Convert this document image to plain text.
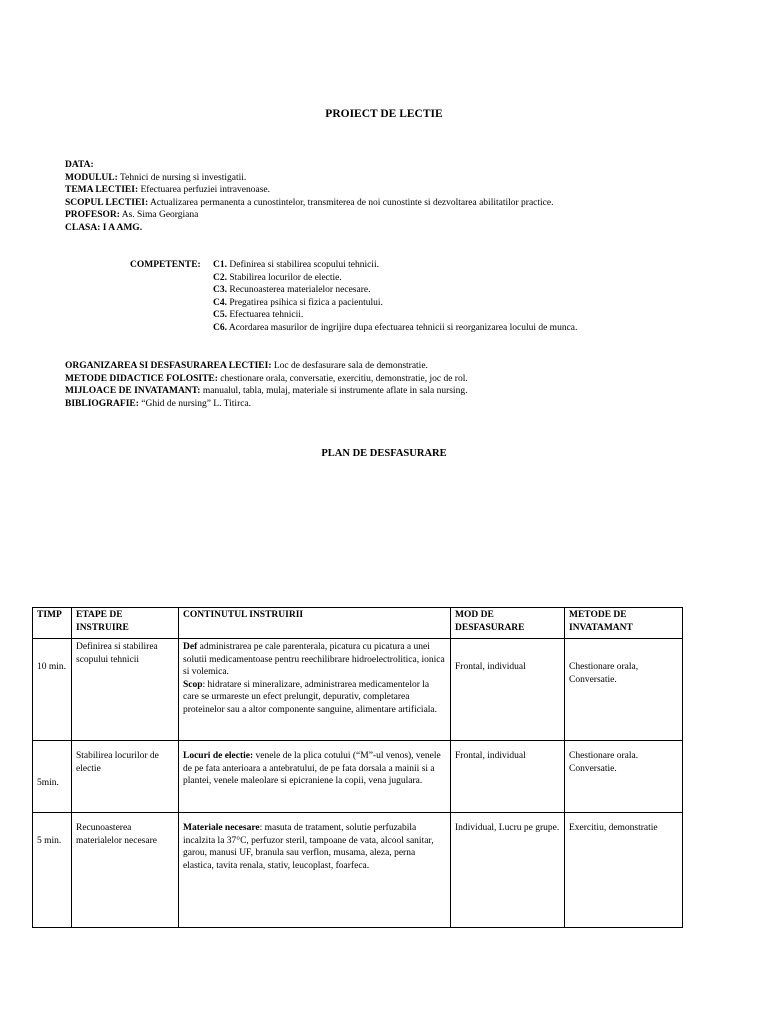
PROIECT DE LECTIE
DATA:
MODULUL: Tehnici de nursing si investigatii.
TEMA LECTIEI: Efectuarea perfuziei intravenoase.
SCOPUL LECTIEI: Actualizarea permanenta a cunostintelor, transmiterea de noi cunostinte si dezvoltarea abilitatilor practice.
PROFESOR: As. Sima Georgiana
CLASA: I A AMG.
COMPETENTE:	C1. Definirea si stabilirea scopului tehnicii.
C2. Stabilirea locurilor de electie.
C3. Recunoasterea materialelor necesare.
C4. Pregatirea psihica si fizica a pacientului.
C5. Efectuarea tehnicii.
C6. Acordarea masurilor de ingrijire dupa efectuarea tehnicii si reorganizarea locului de munca.
ORGANIZAREA SI DESFASURAREA LECTIEI: Loc de desfasurare sala de demonstratie.
METODE DIDACTICE FOLOSITE: chestionare orala, conversatie, exercitiu, demonstratie, joc de rol.
MIJLOACE DE INVATAMANT: manualul, tabla, mulaj, materiale si instrumente aflate in sala nursing.
BIBLIOGRAFIE: “Ghid de nursing” L. Titirca.
PLAN DE DESFASURARE
TIMP	ETAPE DE INSTRUIRE	CONTINUTUL INSTRUIRII	MOD DE DESFASURARE	METODE DE INVATAMANT
10 min.	Definirea si stabilirea scopului tehnicii	Def administrarea pe cale parenterala, picatura cu picatura a unei solutii medicamentoase pentru reechilibrare hidroelectrolitica, ionica si volemica.
Scop: hidratare si mineralizare, administrarea medicamentelor la care se urmareste un efect prelungit, depurativ, completarea proteinelor sau a altor componente sanguine, alimentare artificiala.	Frontal, individual	Chestionare orala, Conversatie.
5min.	Stabilirea locurilor de electie	Locuri de electie: venele de la plica cotului (“M”-ul venos), venele de pe fata anterioara a antebratului, de pe fata dorsala a mainii si a plantei, venele maleolare si epicraniene la copii, vena jugulara.	Frontal, individual	Chestionare orala. Conversatie.
5 min.	Recunoasterea materialelor necesare	Materiale necesare: masuta de tratament, solutie perfuzabila incalzita la 37°C, perfuzor steril, tampoane de vata, alcool sanitar, garou, manusi UF, branula sau verflon, musama, aleza, perna elastica, tavita renala, stativ, leucoplast, foarfeca.	Individual, Lucru pe grupe.	Exercitiu, demonstratie
